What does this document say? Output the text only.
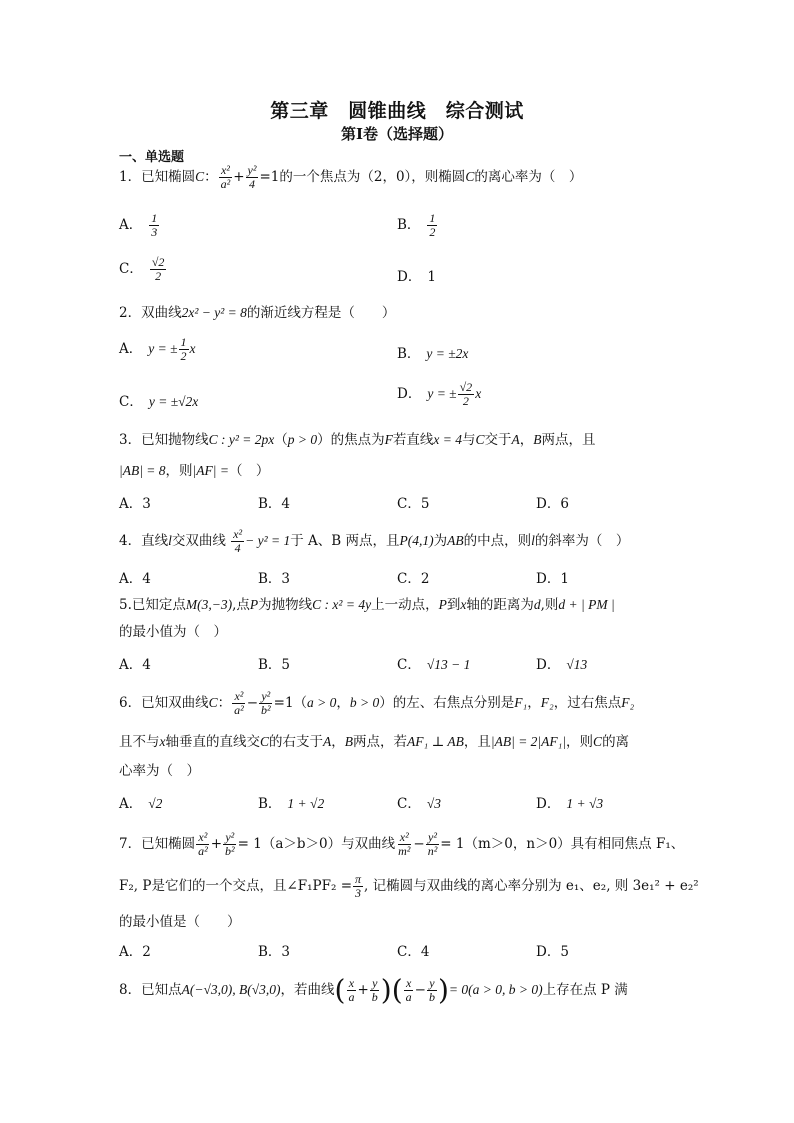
第三章　圆锥曲线　综合测试
第Ⅰ卷（选择题）
一、单选题
1．已知椭圆C： $\frac{\text{x²}}{\text{a²}} + \frac{\text{y²}}{4} =1$的一个焦点为（2，0），则椭圆C的离心率为（　）
A． $\frac{1}{3}$	B． $\frac{1}{2}$
C． $\frac{√2}{2}$	D． 1
2．双曲线2x² − y² = 8的渐近线方程是（　　）
A． y = ± $\frac{1}{2}$ x	B． y = ±2x
C． y = ±√2x	D． y = ± $\frac{√2}{2}$ x
3．已知抛物线C : y² = 2px（p > 0）的焦点为F若直线x = 4与C交于A，B两点，且
|AB| = 8，则|AF| =（　）
A．3	B．4	C．5	D．6
4．直线l交双曲线 $\frac{\text{x²}}{4} - y^2 = 1$于 A、B 两点，且P(4,1)为AB的中点，则l的斜率为（　）
A．4	B．3	C．2	D．1
5.已知定点M(3,−3),点P为抛物线C : x² = 4y上一动点，P到x轴的距离为d,则d + | PM |
的最小值为（　）
A．4	B．5	C． √13 − 1	D． √13
6．已知双曲线C： $\frac{\text{x²}}{\text{a²}} - \frac{\text{y²}}{\text{b²}} =1(a > 0$，b > 0）的左、右焦点分别是F₁，F₂，过右焦点F₂
且不与x轴垂直的直线交C的右支于A，B两点，若AF₁ ⊥ AB，且|AB| = 2|AF₁|，则C的离
心率为（　）
A． √2	B． 1 + √2	C． √3	D． 1 + √3
7．已知椭圆 $\frac{\text{x²}}{\text{a²}} + \frac{\text{y²}}{\text{b²}} = 1(a>b>0)$与双曲线 $\frac{\text{x²}}{\text{m²}} - \frac{\text{y²}}{\text{n²}} = 1(m>0$，n＞0）具有相同焦点 F₁、
F₂, P是它们的一个交点，且∠F₁PF₂ = $\frac{\pi}{3}$ , 记椭圆与双曲线的离心率分别为 e₁、e₂, 则 3e₁² + e₂²
的最小值是（　　）
A．2	B．3	C．4	D．5
8．已知点A(−√3,0), B(√3,0)，若曲线( $\frac{x}{a} + \frac{y}{b}$ )( $\frac{x}{a} - \frac{y}{b}$ )= 0(a > 0, b > 0)上存在点 P 满
